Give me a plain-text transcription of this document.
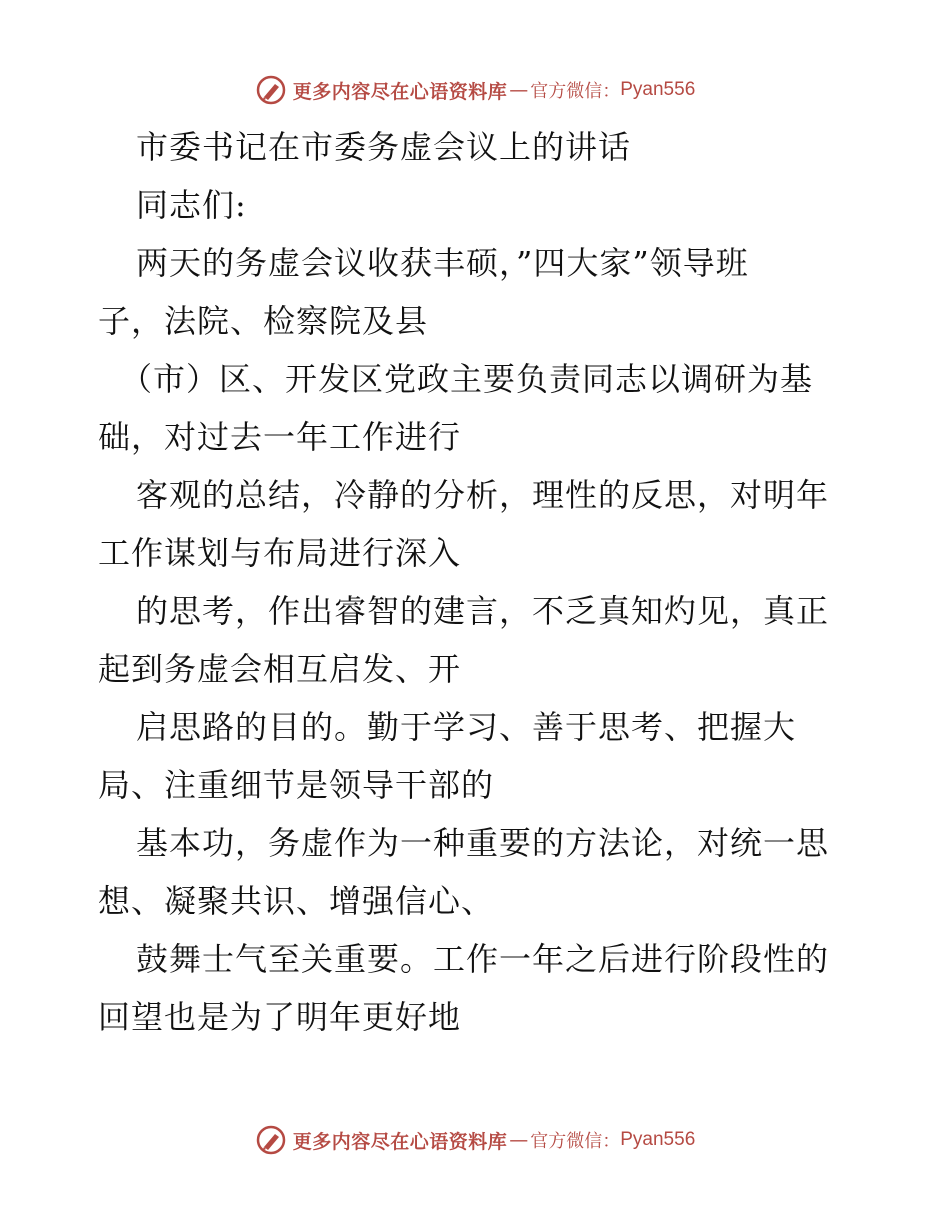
更多内容尽在心语资料库 — 官方微信： Pyan556
市委书记在市委务虚会议上的讲话
同志们:
两天的务虚会议收获丰硕，”四大家”领导班
子，法院、检察院及县
（市）区、开发区党政主要负责同志以调研为基
础，对过去一年工作进行
客观的总结，冷静的分析，理性的反思，对明年
工作谋划与布局进行深入
的思考，作出睿智的建言，不乏真知灼见，真正
起到务虚会相互启发、开
启思路的目的。勤于学习、善于思考、把握大
局、注重细节是领导干部的
基本功，务虚作为一种重要的方法论，对统一思
想、凝聚共识、增强信心、
鼓舞士气至关重要。工作一年之后进行阶段性的
回望也是为了明年更好地
更多内容尽在心语资料库 — 官方微信： Pyan556
